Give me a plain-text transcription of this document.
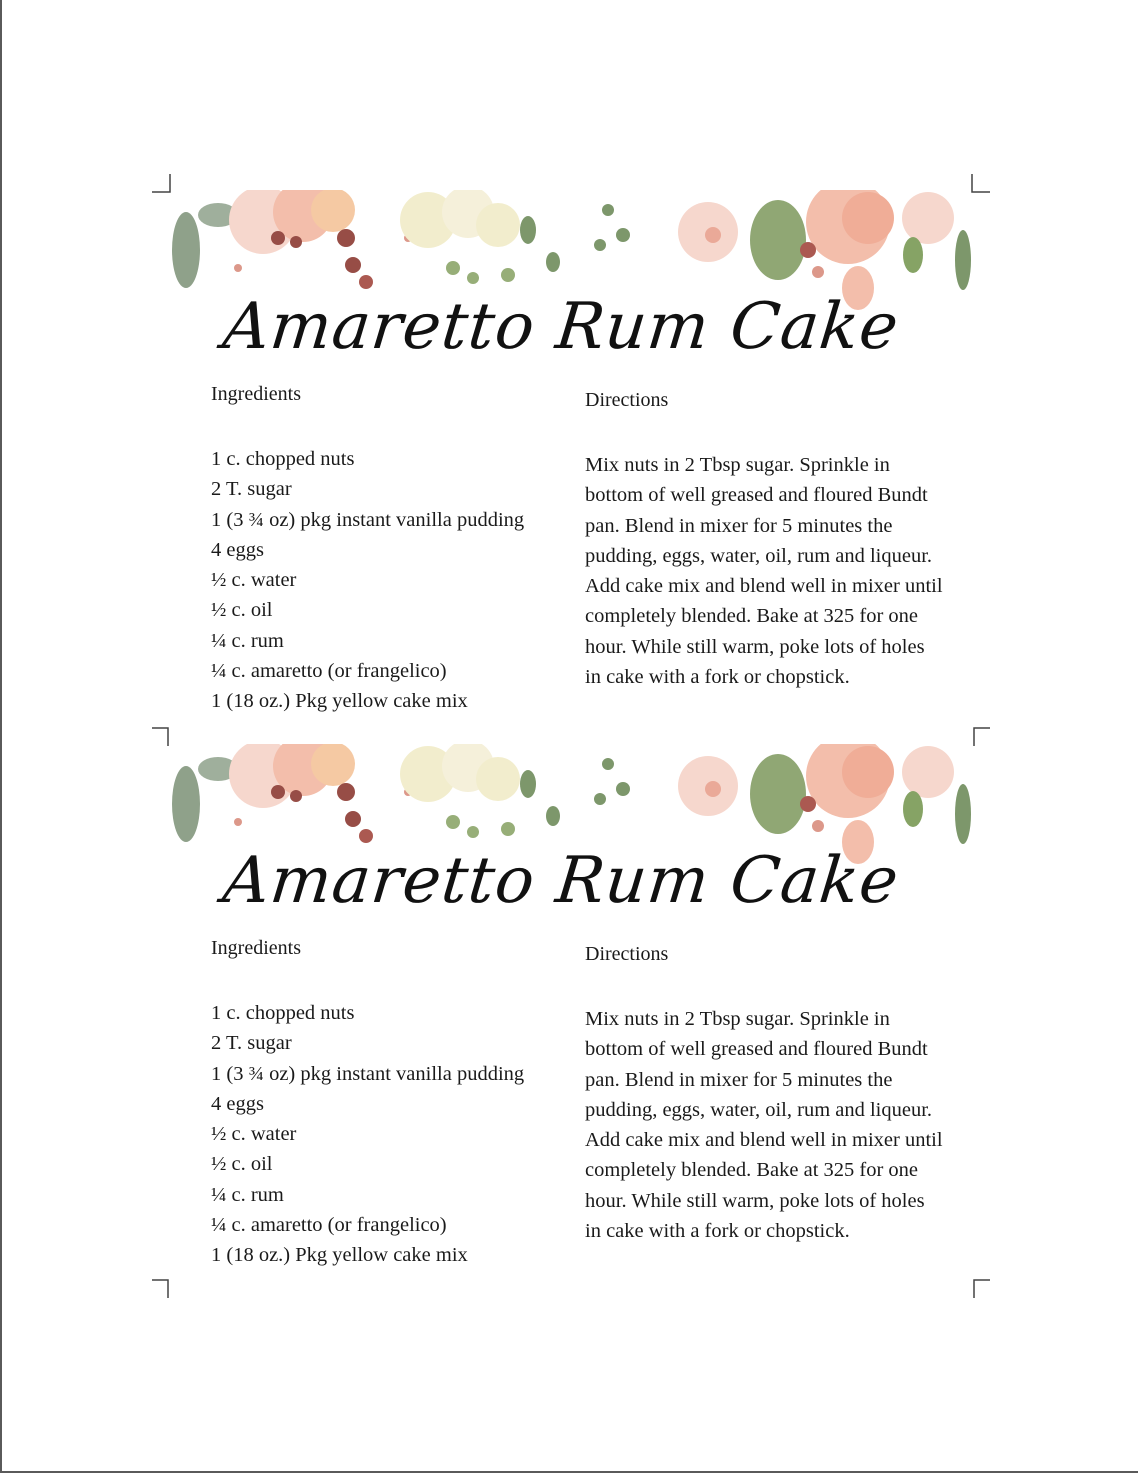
Amaretto Rum Cake

Ingredients

1 c. chopped nuts
2 T. sugar
1 (3 ¾ oz) pkg instant vanilla pudding
4 eggs
½ c. water
½ c. oil
¼ c. rum
¼ c. amaretto (or frangelico)
1 (18 oz.) Pkg yellow cake mix

Directions

Mix nuts in 2 Tbsp sugar. Sprinkle in bottom of well greased and floured Bundt pan. Blend in mixer for 5 minutes the pudding, eggs, water, oil, rum and liqueur. Add cake mix and blend well in mixer until completely blended. Bake at 325 for one hour. While still warm, poke lots of holes in cake with a fork or chopstick.

Amaretto Rum Cake

Ingredients

1 c. chopped nuts
2 T. sugar
1 (3 ¾ oz) pkg instant vanilla pudding
4 eggs
½ c. water
½ c. oil
¼ c. rum
¼ c. amaretto (or frangelico)
1 (18 oz.) Pkg yellow cake mix

Directions

Mix nuts in 2 Tbsp sugar. Sprinkle in bottom of well greased and floured Bundt pan. Blend in mixer for 5 minutes the pudding, eggs, water, oil, rum and liqueur. Add cake mix and blend well in mixer until completely blended. Bake at 325 for one hour. While still warm, poke lots of holes in cake with a fork or chopstick.
